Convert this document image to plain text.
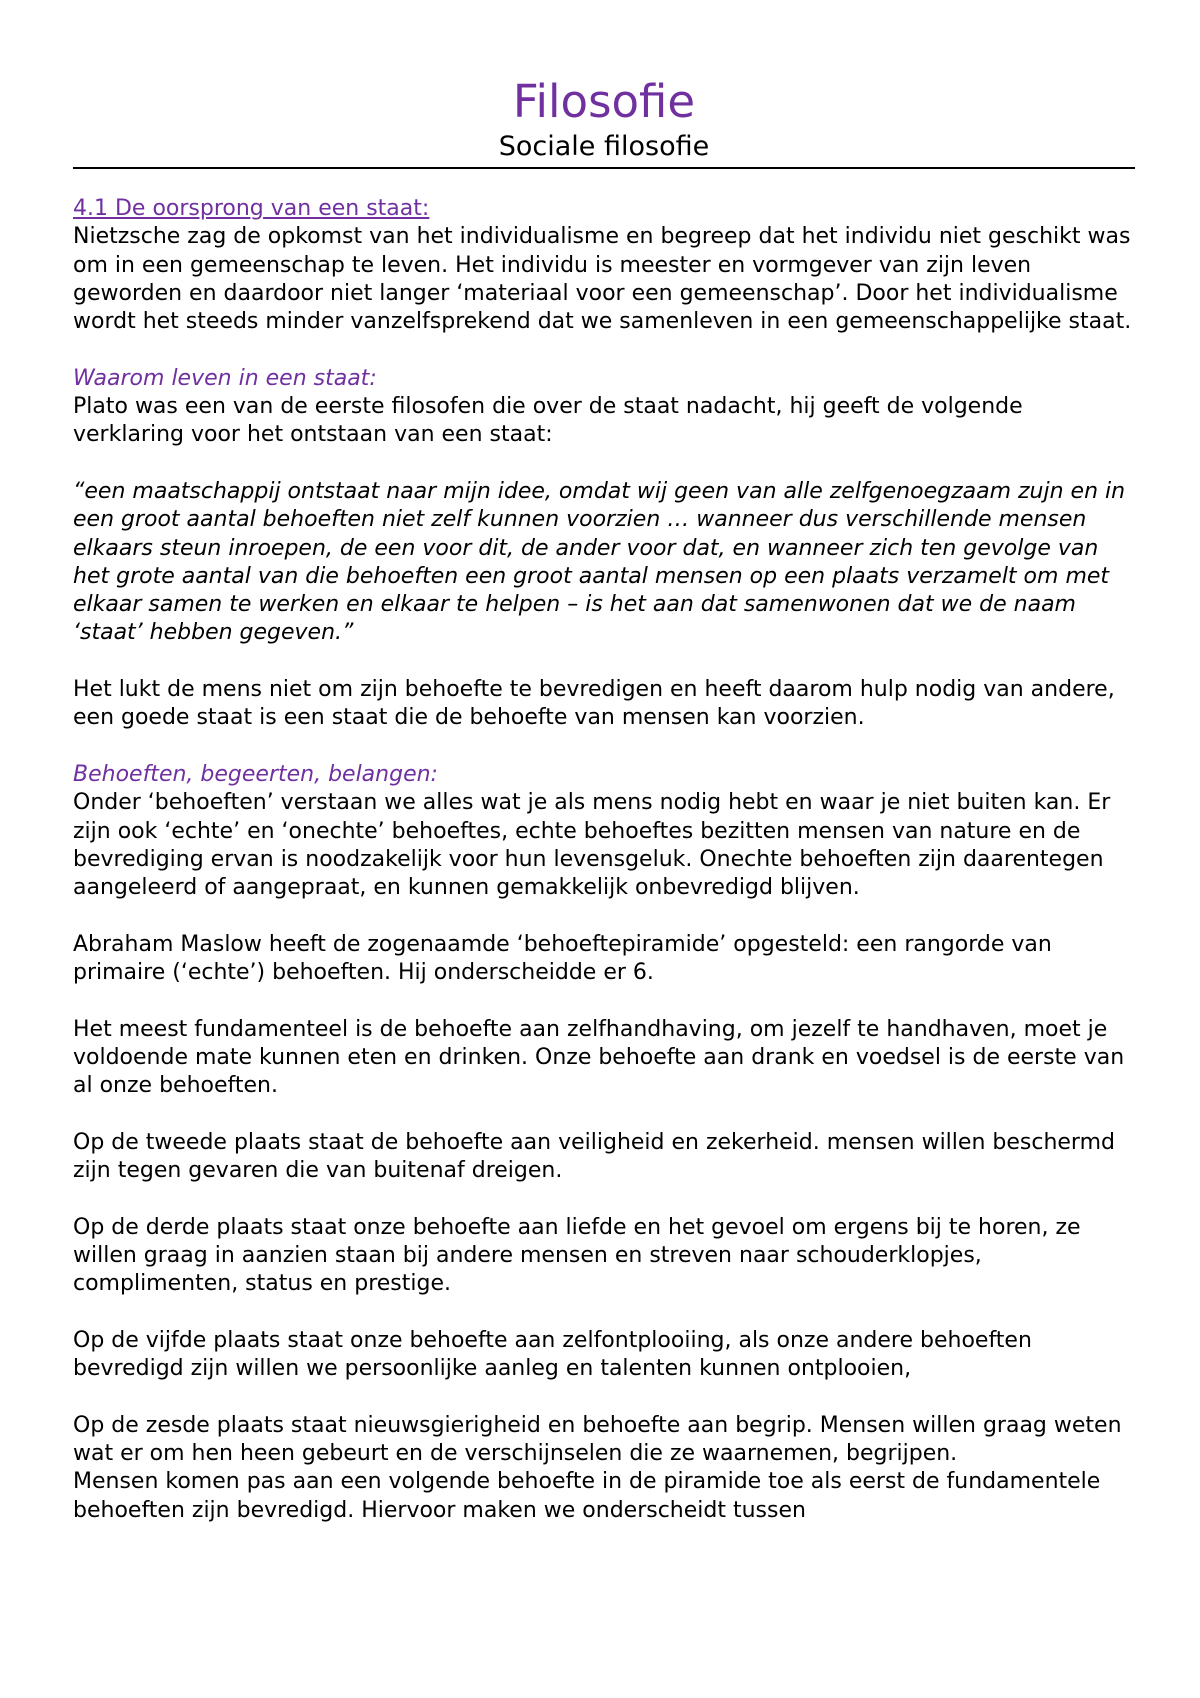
Filosofie
Sociale filosofie

4.1 De oorsprong van een staat:

Nietzsche zag de opkomst van het individualisme en begreep dat het individu niet geschikt was om in een gemeenschap te leven. Het individu is meester en vormgever van zijn leven geworden en daardoor niet langer ‘materiaal voor een gemeenschap’. Door het individualisme wordt het steeds minder vanzelfsprekend dat we samenleven in een gemeenschappelijke staat.

Waarom leven in een staat:

Plato was een van de eerste filosofen die over de staat nadacht, hij geeft de volgende verklaring voor het ontstaan van een staat:

“een maatschappij ontstaat naar mijn idee, omdat wij geen van alle zelfgenoegzaam zujn en in een groot aantal behoeften niet zelf kunnen voorzien … wanneer dus verschillende mensen elkaars steun inroepen, de een voor dit, de ander voor dat, en wanneer zich ten gevolge van het grote aantal van die behoeften een groot aantal mensen op een plaats verzamelt om met elkaar samen te werken en elkaar te helpen – is het aan dat samenwonen dat we de naam ‘staat’ hebben gegeven.”

Het lukt de mens niet om zijn behoefte te bevredigen en heeft daarom hulp nodig van andere, een goede staat is een staat die de behoefte van mensen kan voorzien.

Behoeften, begeerten, belangen:

Onder ‘behoeften’ verstaan we alles wat je als mens nodig hebt en waar je niet buiten kan. Er zijn ook ‘echte’ en ‘onechte’ behoeftes, echte behoeftes bezitten mensen van nature en de bevrediging ervan is noodzakelijk voor hun levensgeluk. Onechte behoeften zijn daarentegen aangeleerd of aangepraat, en kunnen gemakkelijk onbevredigd blijven.

Abraham Maslow heeft de zogenaamde ‘behoeftepiramide’ opgesteld: een rangorde van primaire (‘echte’) behoeften. Hij onderscheidde er 6.

Het meest fundamenteel is de behoefte aan zelfhandhaving, om jezelf te handhaven, moet je voldoende mate kunnen eten en drinken. Onze behoefte aan drank en voedsel is de eerste van al onze behoeften.

Op de tweede plaats staat de behoefte aan veiligheid en zekerheid. mensen willen beschermd zijn tegen gevaren die van buitenaf dreigen.

Op de derde plaats staat onze behoefte aan liefde en het gevoel om ergens bij te horen, ze willen graag in aanzien staan bij andere mensen en streven naar schouderklopjes, complimenten, status en prestige.

Op de vijfde plaats staat onze behoefte aan zelfontplooiing, als onze andere behoeften bevredigd zijn willen we persoonlijke aanleg en talenten kunnen ontplooien,

Op de zesde plaats staat nieuwsgierigheid en behoefte aan begrip. Mensen willen graag weten wat er om hen heen gebeurt en de verschijnselen die ze waarnemen, begrijpen.

Mensen komen pas aan een volgende behoefte in de piramide toe als eerst de fundamentele behoeften zijn bevredigd. Hiervoor maken we onderscheidt tussen
